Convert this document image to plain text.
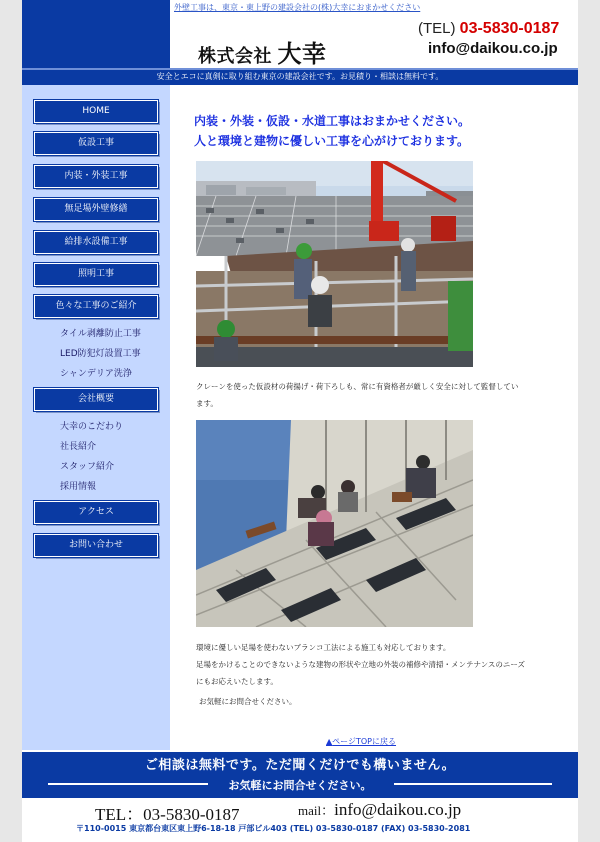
外壁工事は、東京・東上野の建設会社の(株)大幸におまかせください
株式会社 大幸
(TEL) 03-5830-0187
info@daikou.co.jp
安全とエコに真剣に取り組む東京の建設会社です。お見積り・相談は無料です。
HOME
仮設工事
内装・外装工事
無足場外壁修繕
給排水設備工事
照明工事
色々な工事のご紹介
タイル剥離防止工事
LED防犯灯設置工事
シャンデリア洗浄
会社概要
大幸のこだわり
社長紹介
スタッフ紹介
採用情報
アクセス
お問い合わせ
内装・外装・仮設・水道工事はおまかせください。
人と環境と建物に優しい工事を心がけております。
クレーンを使った仮設材の荷揚げ・荷下ろしも、常に有資格者が厳しく安全に対して監督してい
ます。
環境に優しい足場を使わないブランコ工法による施工も対応しております。
足場をかけることのできないような建物の形状や立地の外装の補修や清掃・メンテナンスのニーズ
にもお応えいたします。
お気軽にお問合せください。
▲ページTOPに戻る
ご相談は無料です。ただ聞くだけでも構いません。
お気軽にお問合せください。
TEL：03-5830-0187	mail：info@daikou.co.jp
〒110-0015 東京都台東区東上野6-18-18 戸部ビル403 (TEL) 03-5830-0187 (FAX) 03-5830-2081
